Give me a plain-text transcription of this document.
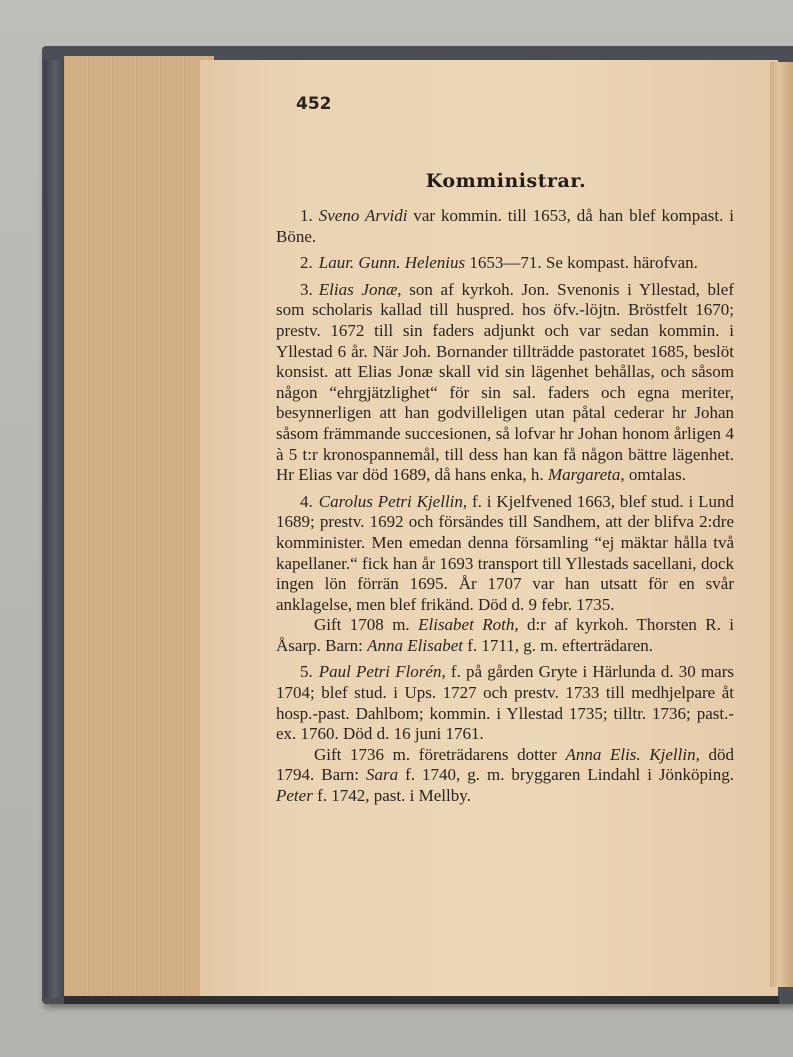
452
Komministrar.

1. Sveno Arvidi var kommin. till 1653, då han blef kompast. i Böne.

2. Laur. Gunn. Helenius 1653—71. Se kompast. härofvan.

3. Elias Jonæ, son af kyrkoh. Jon. Svenonis i Yllestad, blef som scholaris kallad till huspred. hos öfv.-löjtn. Bröstfelt 1670; prestv. 1672 till sin faders adjunkt och var sedan kommin. i Yllestad 6 år. När Joh. Bornander tillträdde pastoratet 1685, beslöt konsist. att Elias Jonæ skall vid sin lägenhet behållas, och såsom någon “ehrgjätzlighet“ för sin sal. faders och egna meriter, besynnerligen att han godvilleligen utan påtal cederar hr Johan såsom främmande succesionen, så lofvar hr Johan honom årligen 4 à 5 t:r kronospannemål, till dess han kan få någon bättre lägenhet. Hr Elias var död 1689, då hans enka, h. Margareta, omtalas.

4. Carolus Petri Kjellin, f. i Kjelfvened 1663, blef stud. i Lund 1689; prestv. 1692 och försändes till Sandhem, att der blifva 2:dre komminister. Men emedan denna församling “ej mäktar hålla två kapellaner.“ fick han år 1693 transport till Yllestads sacellani, dock ingen lön förrän 1695. År 1707 var han utsatt för en svår anklagelse, men blef frikänd. Död d. 9 febr. 1735.

Gift 1708 m. Elisabet Roth, d:r af kyrkoh. Thorsten R. i Åsarp. Barn: Anna Elisabet f. 1711, g. m. efterträdaren.

5. Paul Petri Florén, f. på gården Gryte i Härlunda d. 30 mars 1704; blef stud. i Ups. 1727 och prestv. 1733 till medhjelpare åt hosp.-past. Dahlbom; kommin. i Yllestad 1735; tilltr. 1736; past.-ex. 1760. Död d. 16 juni 1761.

Gift 1736 m. företrädarens dotter Anna Elis. Kjellin, död 1794. Barn: Sara f. 1740, g. m. bryggaren Lindahl i Jönköping. Peter f. 1742, past. i Mellby.
